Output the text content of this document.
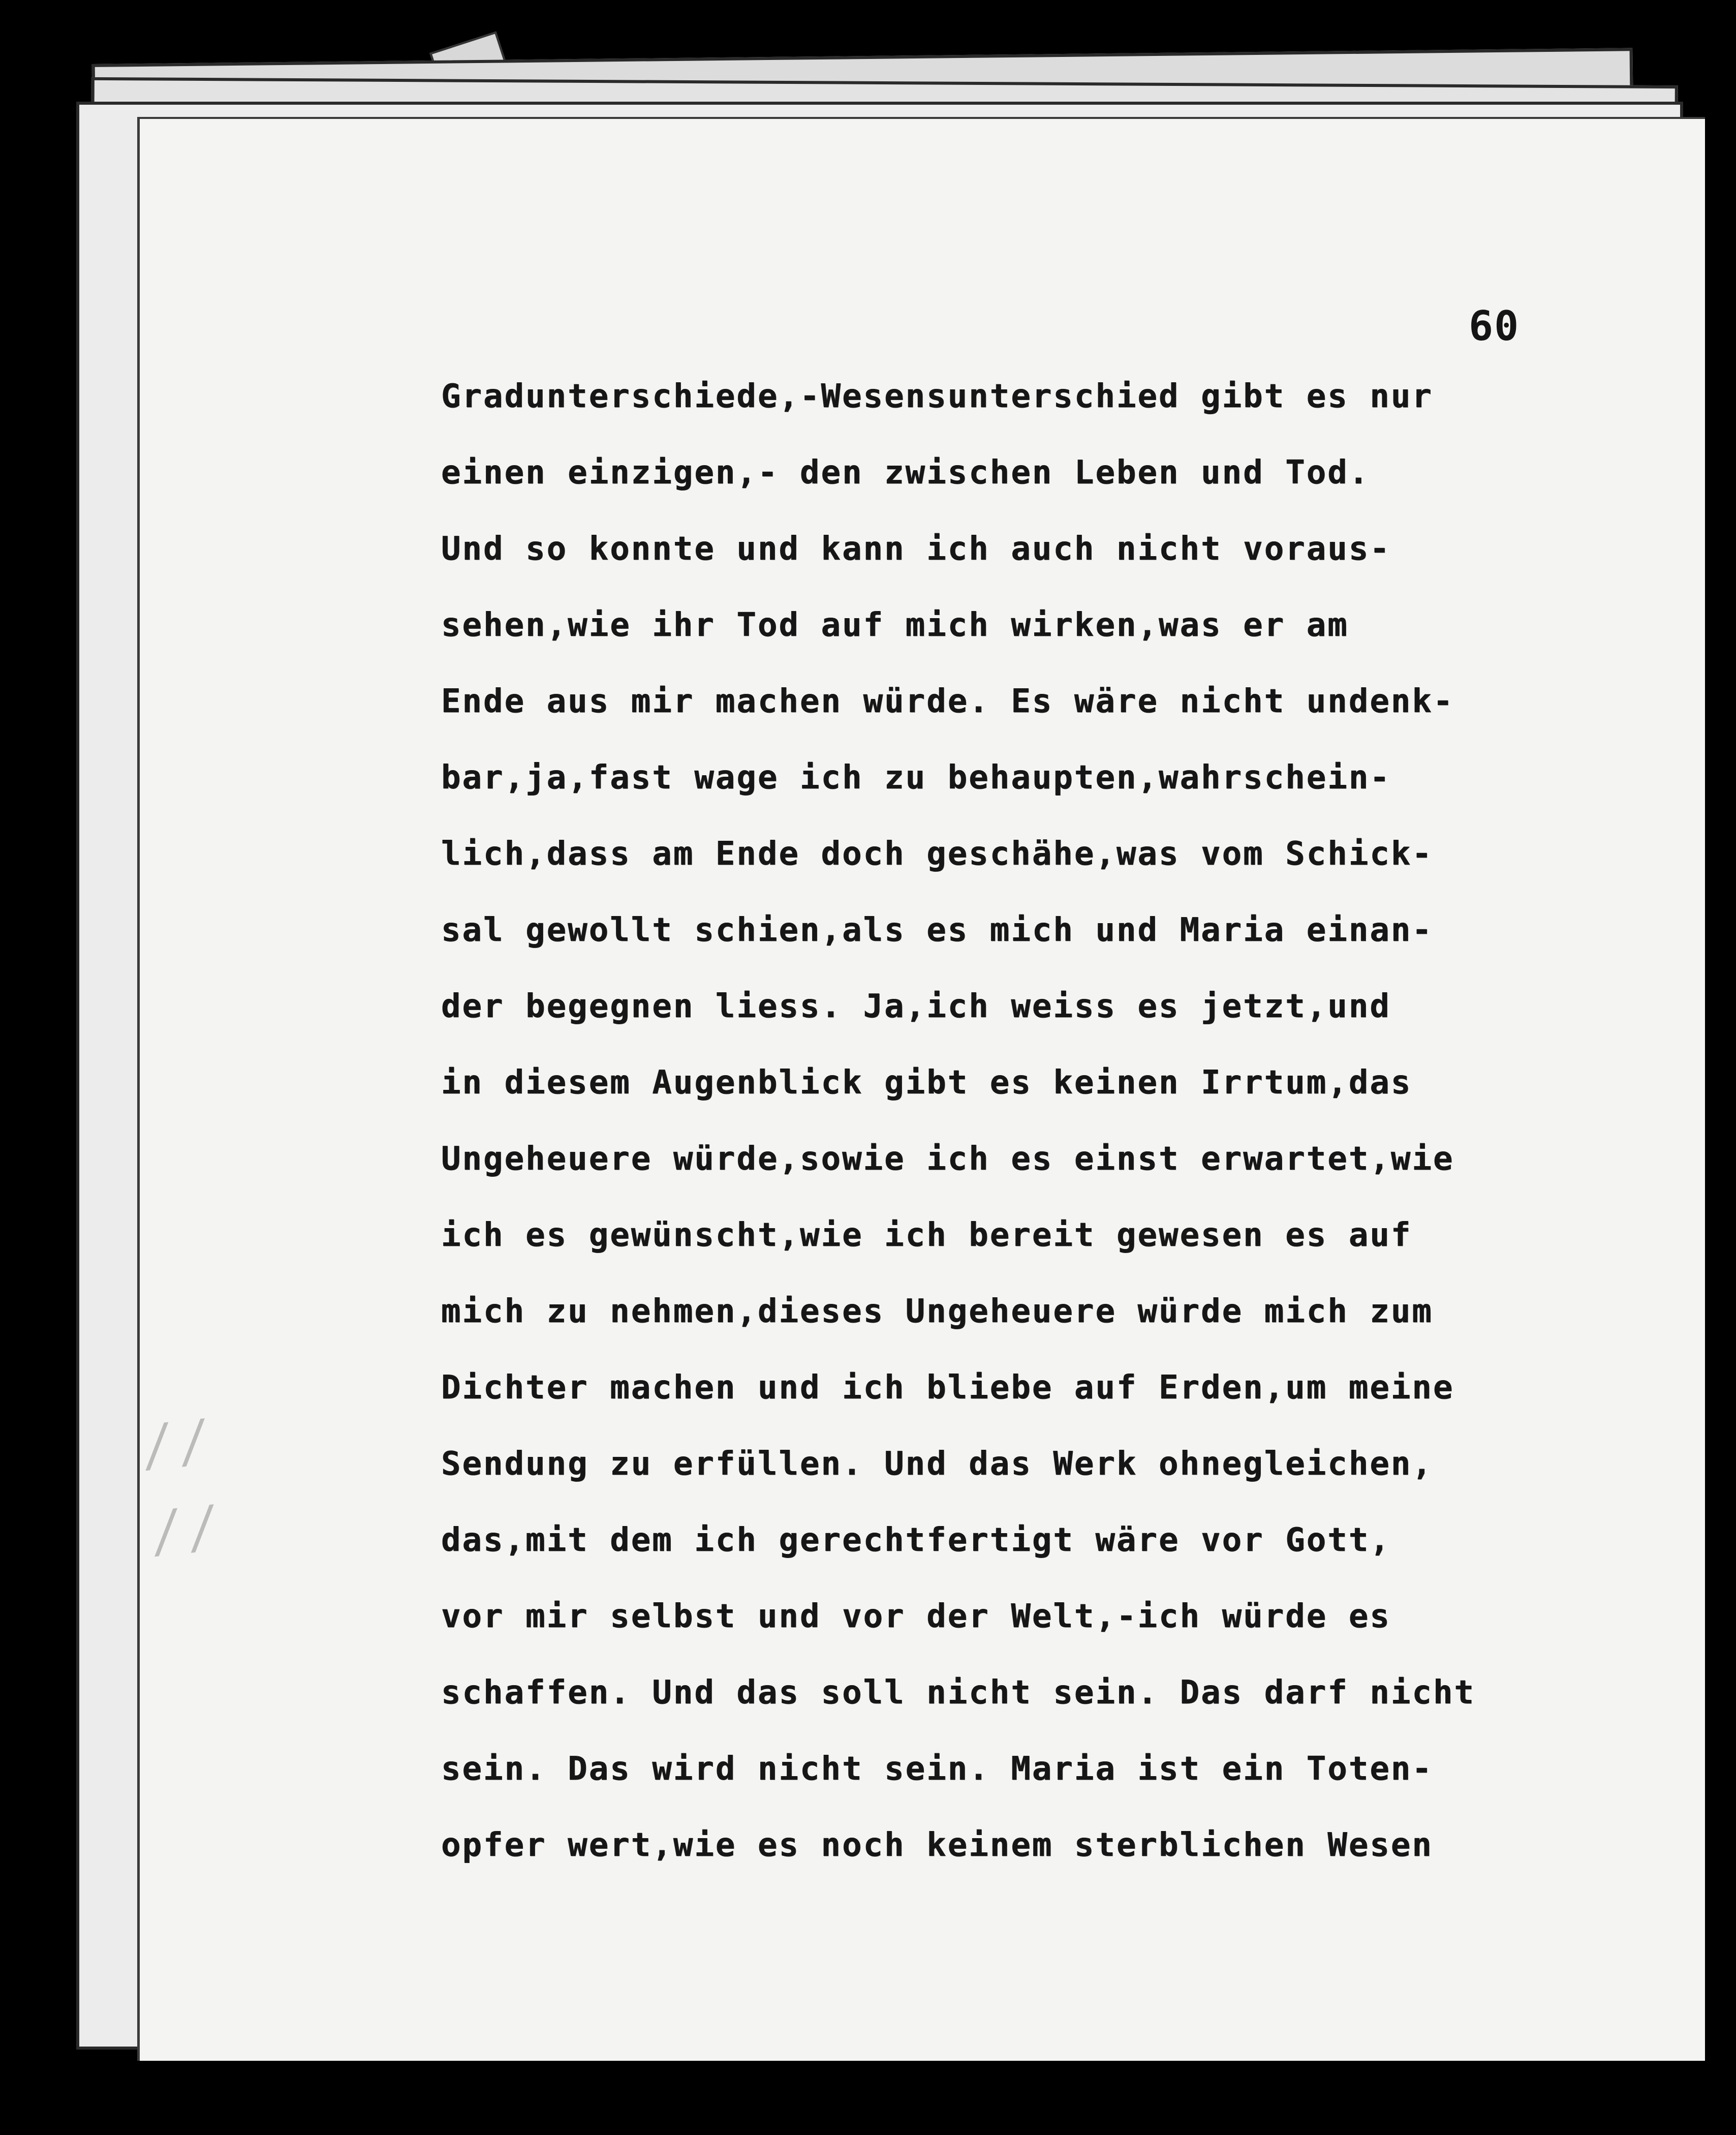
/ /
/ /
60
Gradunterschiede,-Wesensunterschied gibt es nur
einen einzigen,- den zwischen Leben und Tod.
Und so konnte und kann ich auch nicht voraus-
sehen,wie ihr Tod auf mich wirken,was er am
Ende aus mir machen würde. Es wäre nicht undenk-
bar,ja,fast wage ich zu behaupten,wahrschein-
lich,dass am Ende doch geschähe,was vom Schick-
sal gewollt schien,als es mich und Maria einan-
der begegnen liess. Ja,ich weiss es jetzt,und
in diesem Augenblick gibt es keinen Irrtum,das
Ungeheuere würde,sowie ich es einst erwartet,wie
ich es gewünscht,wie ich bereit gewesen es auf
mich zu nehmen,dieses Ungeheuere würde mich zum
Dichter machen und ich bliebe auf Erden,um meine
Sendung zu erfüllen. Und das Werk ohnegleichen,
das,mit dem ich gerechtfertigt wäre vor Gott,
vor mir selbst und vor der Welt,-ich würde es
schaffen. Und das soll nicht sein. Das darf nicht
sein. Das wird nicht sein. Maria ist ein Toten-
opfer wert,wie es noch keinem sterblichen Wesen
